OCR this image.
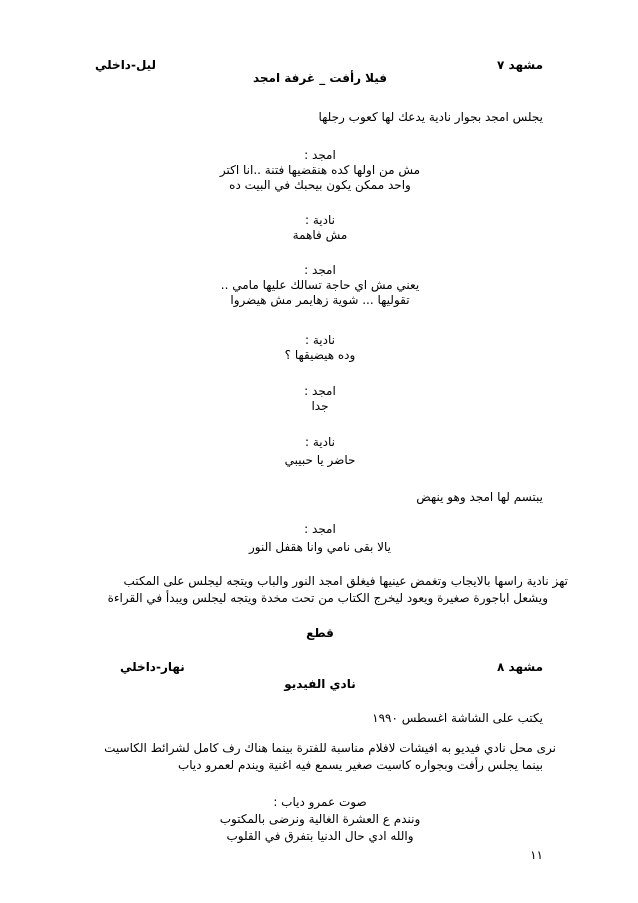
مشهد ٧
ليل-داخلي
فيلا رأفت _ غرفة امجد
يجلس امجد بجوار نادية يدعك لها كعوب رجلها
امجد :
مش من اولها كده هنقضيها فتنة ..انا اكتر
واحد ممكن يكون بيحبك في البيت ده
نادية :
مش فاهمة
امجد :
يعني مش اي حاجة تسالك عليها مامي ..
تقوليها ... شوية زهايمر مش هيضروا
نادية :
وده هيضيقها ؟
امجد :
جدا
نادية :
حاضر يا حبيبي
يبتسم لها امجد وهو ينهض
امجد :
يالا بقى نامي وانا هقفل النور
تهز نادية راسها بالايجاب وتغمض عينيها فيغلق امجد النور والباب ويتجه ليجلس على المكتب
ويشعل اباجورة صغيرة ويعود ليخرج الكتاب من تحت مخدة ويتجه ليجلس ويبدأ في القراءة
قطع
مشهد ٨
نهار-داخلي
نادي الفيديو
يكتب على الشاشة اغسطس ١٩٩٠
نرى محل نادي فيديو به افيشات لافلام مناسبة للفترة بينما هناك رف كامل لشرائط الكاسيت
بينما يجلس رأفت وبجواره كاسيت صغير يسمع فيه اغنية ويندم لعمرو دياب
صوت عمرو دياب :
ونندم ع العشرة الغالية ونرضى بالمكتوب
والله ادي حال الدنيا بتفرق في القلوب
١١
